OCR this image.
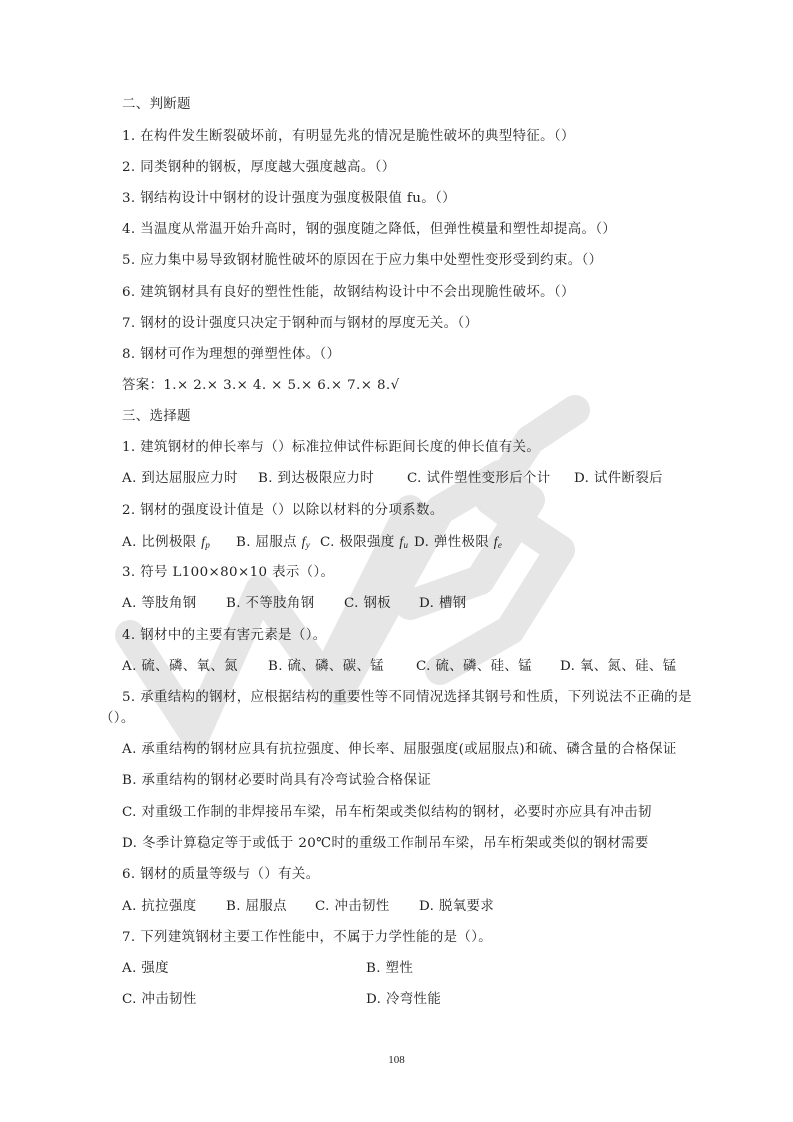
二、判断题
1. 在构件发生断裂破坏前，有明显先兆的情况是脆性破坏的典型特征。（）
2. 同类钢种的钢板，厚度越大强度越高。（）
3. 钢结构设计中钢材的设计强度为强度极限值 fu。（）
4. 当温度从常温开始升高时，钢的强度随之降低，但弹性模量和塑性却提高。（）
5. 应力集中易导致钢材脆性破坏的原因在于应力集中处塑性变形受到约束。（）
6. 建筑钢材具有良好的塑性性能，故钢结构设计中不会出现脆性破坏。（）
7. 钢材的设计强度只决定于钢种而与钢材的厚度无关。（）
8. 钢材可作为理想的弹塑性体。（）
答案：1.× 2.× 3.× 4. × 5.× 6.× 7.× 8.√
三、选择题
1. 建筑钢材的伸长率与（）标准拉伸试件标距间长度的伸长值有关。
A. 到达屈服应力时 B. 到达极限应力时 C. 试件塑性变形后个计 D. 试件断裂后
2. 钢材的强度设计值是（）以除以材料的分项系数。
A. 比例极限 fp B. 屈服点 fy C. 极限强度 fu D. 弹性极限 fe
3. 符号 L100×80×10 表示（）。
A. 等肢角钢 B. 不等肢角钢 C. 钢板 D. 槽钢
4. 钢材中的主要有害元素是（）。
A. 硫、磷、氧、氮 B. 硫、磷、碳、锰 C. 硫、磷、硅、锰 D. 氧、氮、硅、锰
5. 承重结构的钢材，应根据结构的重要性等不同情况选择其钢号和性质，下列说法不正确的是
（）。
A. 承重结构的钢材应具有抗拉强度、伸长率、屈服强度(或屈服点)和硫、磷含量的合格保证
B. 承重结构的钢材必要时尚具有冷弯试验合格保证
C. 对重级工作制的非焊接吊车梁，吊车桁架或类似结构的钢材，必要时亦应具有冲击韧
D. 冬季计算稳定等于或低于 20℃时的重级工作制吊车梁，吊车桁架或类似的钢材需要
6. 钢材的质量等级与（）有关。
A. 抗拉强度 B. 屈服点 C. 冲击韧性 D. 脱氧要求
7. 下列建筑钢材主要工作性能中，不属于力学性能的是（）。
A. 强度	B. 塑性
C. 冲击韧性	D. 冷弯性能
108
